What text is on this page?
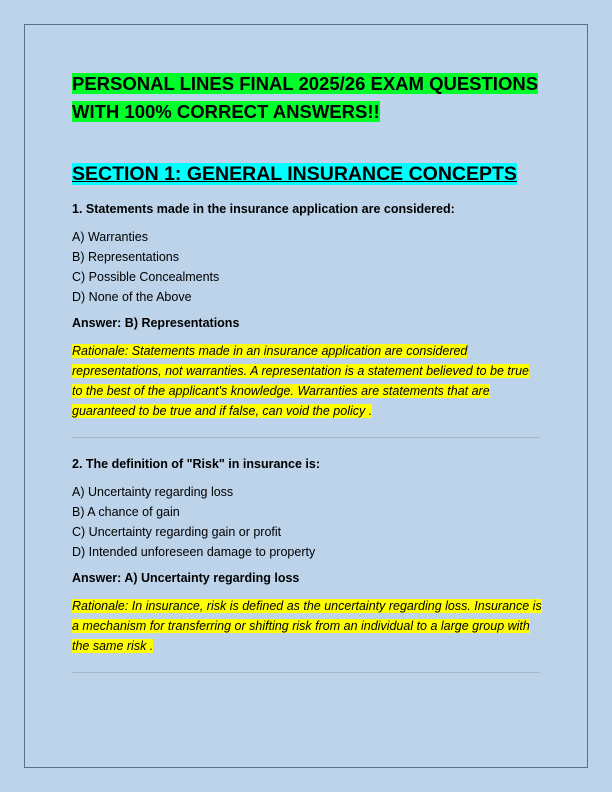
PERSONAL LINES FINAL 2025/26 EXAM QUESTIONS
WITH 100% CORRECT ANSWERS!!
SECTION 1: GENERAL INSURANCE CONCEPTS

1. Statements made in the insurance application are considered:

A) Warranties
B) Representations
C) Possible Concealments
D) None of the Above

Answer: B) Representations

Rationale: Statements made in an insurance application are considered representations, not warranties. A representation is a statement believed to be true to the best of the applicant's knowledge. Warranties are statements that are guaranteed to be true and if false, can void the policy .

2. The definition of "Risk" in insurance is:

A) Uncertainty regarding loss
B) A chance of gain
C) Uncertainty regarding gain or profit
D) Intended unforeseen damage to property

Answer: A) Uncertainty regarding loss

Rationale: In insurance, risk is defined as the uncertainty regarding loss. Insurance is a mechanism for transferring or shifting risk from an individual to a large group with the same risk .
